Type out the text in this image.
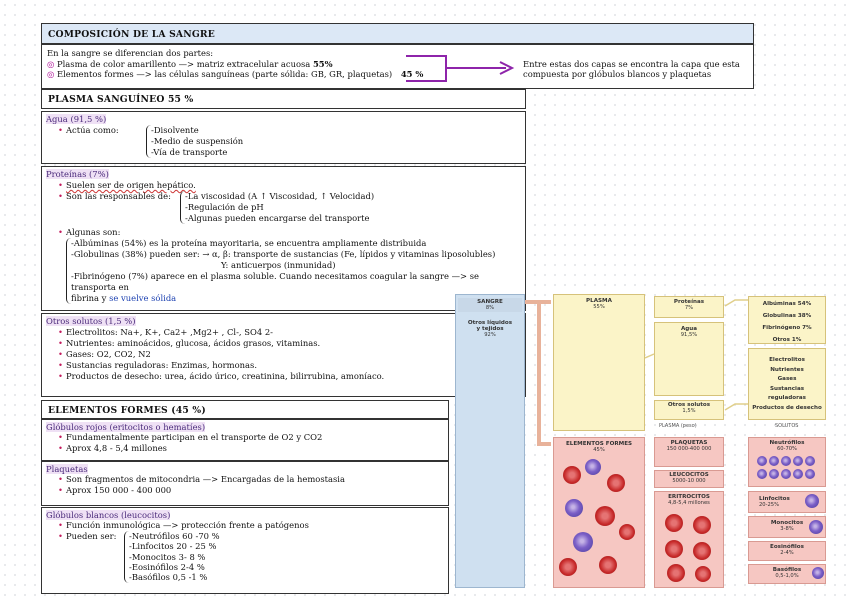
COMPOSICIÓN DE LA SANGRE
En la sangre se diferencian dos partes:
◎ Plasma de color amarillento —> matriz extracelular acuosa 55%
◎ Elementos formes —> las células sanguíneas (parte sólida: GB, GR, plaquetas) 45 %
Entre estas dos capas se encontra la capa que esta compuesta por glóbulos blancos y plaquetas
PLASMA SANGUÍNEO 55 %
Agua (91,5 %)
• Actúa como:	-Disolvente
-Medio de suspensión
-Vía de transporte
Proteínas (7%)
• Suelen ser de origen hepático.
• Son las responsables de:	-La viscosidad (A ↑ Viscosidad, ↑ Velocidad)
-Regulación de pH
-Algunas pueden encargarse del transporte
• Algunas son:
-Albúminas (54%) es la proteína mayoritaria, se encuentra ampliamente distribuida
-Globulinas (38%) pueden ser: → α, β: transporte de sustancias (Fe, lípidos y vitaminas liposolubles)
Y: anticuerpos (inmunidad)
-Fibrinógeno (7%) aparece en el plasma soluble. Cuando necesitamos coagular la sangre —> se transporta en
fibrina y se vuelve sólida
Otros solutos (1,5 %)
• Electrolitos: Na+, K+, Ca2+ ,Mg2+ , Cl-, SO4 2-
• Nutrientes: aminoácidos, glucosa, ácidos grasos, vitaminas.
• Gases: O2, CO2, N2
• Sustancias reguladoras: Enzimas, hormonas.
• Productos de desecho: urea, ácido úrico, creatinina, bilirrubina, amoníaco.
ELEMENTOS FORMES (45 %)
Glóbulos rojos (eritocitos o hematíes)
• Fundamentalmente participan en el transporte de O2 y CO2
• Aprox 4,8 - 5,4 millones
Plaquetas
• Son fragmentos de mitocondria —> Encargadas de la hemostasia
• Aprox 150 000 - 400 000
Glóbulos blancos (leucocitos)
• Función inmunológica —> protección frente a patógenos
• Pueden ser: -Neutrófilos 60 -70 %
-Linfocitos 20 - 25 %
-Monocitos 3- 8 %
-Eosinófilos 2-4 %
-Basófilos 0,5 -1 %
SANGRE
8%
Otros líquidos y tejidos
92%
PLASMA
55%
Proteínas
7%
Agua
91,5%
Otros solutos
1,5%
PLASMA (peso)
Albúminas 54%
Globulinas 38%
Fibrinógeno 7%
Otros 1%
Electrolitos
Nutrientes
Gases
Sustancias reguladoras
Productos de desecho
SOLUTOS
ELEMENTOS FORMES
45%
PLAQUETAS
150 000-400 000
LEUCOCITOS
5000-10 000
ERITROCITOS
4,8-5,4 millones
Neutrófilos
60-70%
Linfocitos
20-25%
Monocitos
3-8%
Eosinófilos
2-4%
Basófilos
0,5-1,0%
